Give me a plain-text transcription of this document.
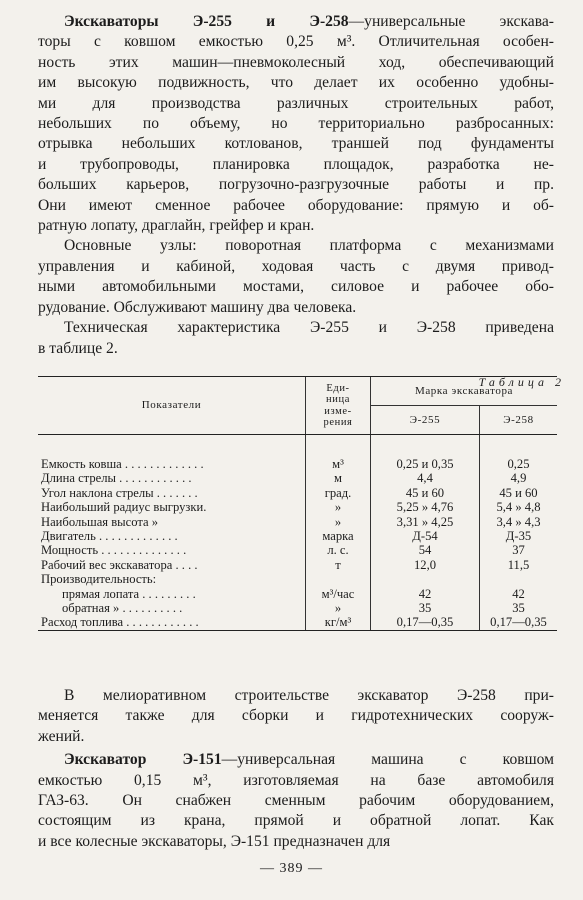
Экскаваторы Э-255 и Э-258—универсальные экскава-
торы с ковшом емкостью 0,25 м³. Отличительная особен-
ность этих машин—пневмоколесный ход, обеспечивающий
им высокую подвижность, что делает их особенно удобны-
ми для производства различных строительных работ,
небольших по объему, но территориально разбросанных:
отрывка небольших котлованов, траншей под фундаменты
и трубопроводы, планировка площадок, разработка не-
больших карьеров, погрузочно-разгрузочные работы и пр.
Они имеют сменное рабочее оборудование: прямую и об-
ратную лопату, драглайн, грейфер и кран.

Основные узлы: поворотная платформа с механизмами
управления и кабиной, ходовая часть с двумя привод-
ными автомобильными мостами, силовое и рабочее обо-
рудование. Обслуживают машину два человека.

Техническая характеристика Э-255 и Э-258 приведена
в таблице 2.

Таблица 2
Показатели	Еди-
ница
изме-
рения	Марка экскаватора	
		Э-255	Э-258

Емкость ковша . . . . . . . . . . . . .	м³	0,25 и 0,35	0,25
Длина стрелы . . . . . . . . . . . .	м	4,4	4,9
Угол наклона стрелы . . . . . . .	град.	45 и 60	45 и 60
Наибольший радиус выгрузки.	»	5,25 » 4,76	5,4 » 4,8
Наибольшая высота »	»	3,31 » 4,25	3,4 » 4,3
Двигатель . . . . . . . . . . . . .	марка	Д-54	Д-35
Мощность . . . . . . . . . . . . . .	л. с.	54	37
Рабочий вес экскаватора . . . .	т	12,0	11,5
Производительность:			
прямая лопата . . . . . . . . .	м³/час	42	42
обратная » . . . . . . . . . .	»	35	35
Расход топлива . . . . . . . . . . . .	кг/м³	0,17—0,35	0,17—0,35

В мелиоративном строительстве экскаватор Э-258 при-
меняется также для сборки и гидротехнических сооруж-
жений.

Экскаватор Э-151—универсальная машина с ковшом
емкостью 0,15 м³, изготовляемая на базе автомобиля
ГАЗ-63. Он снабжен сменным рабочим оборудованием,
состоящим из крана, прямой и обратной лопат. Как
и все колесные экскаваторы, Э-151 предназначен для

— 389 —
